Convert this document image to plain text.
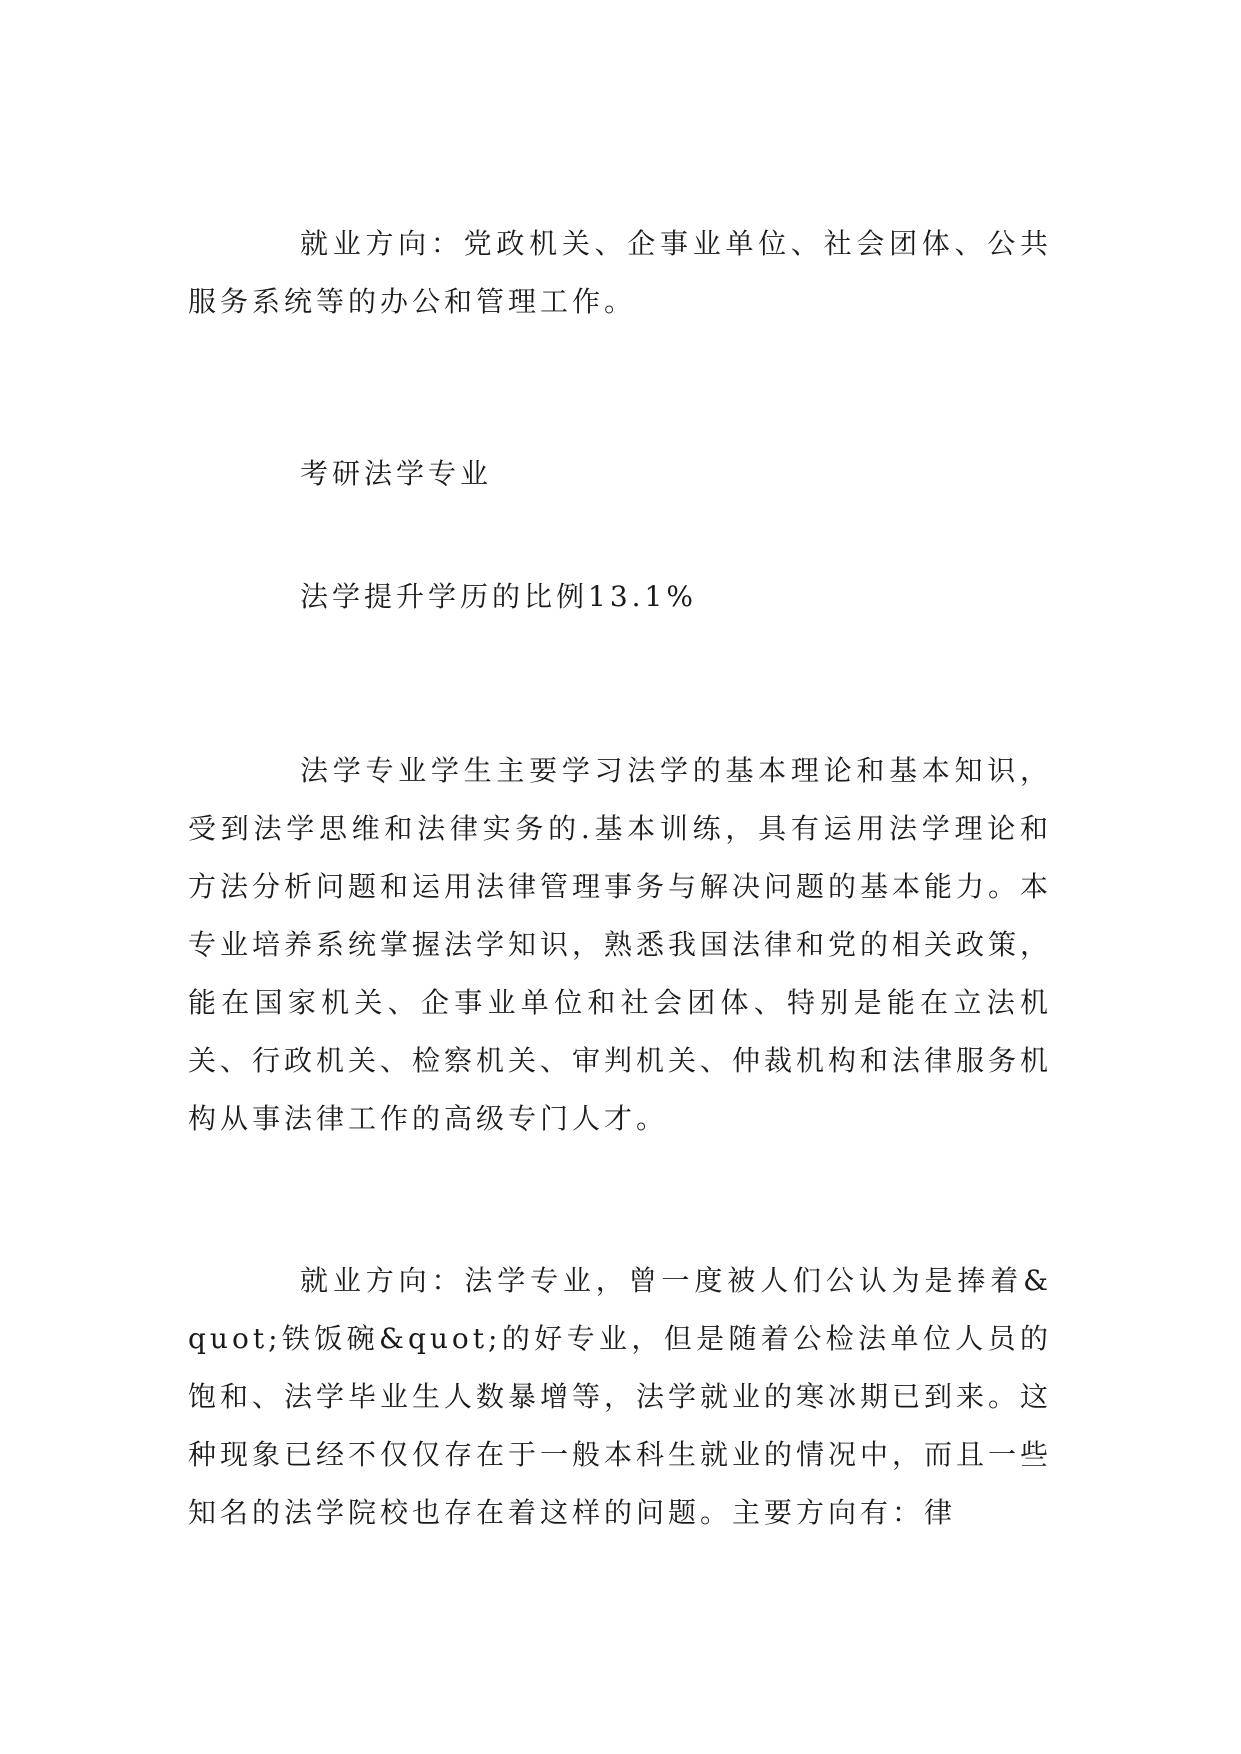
就业方向：党政机关、企事业单位、社会团体、公共服务系统等的办公和管理工作。

考研法学专业

法学提升学历的比例13.1%

法学专业学生主要学习法学的基本理论和基本知识，受到法学思维和法律实务的.基本训练，具有运用法学理论和方法分析问题和运用法律管理事务与解决问题的基本能力。本专业培养系统掌握法学知识，熟悉我国法律和党的相关政策，能在国家机关、企事业单位和社会团体、特别是能在立法机关、行政机关、检察机关、审判机关、仲裁机构和法律服务机构从事法律工作的高级专门人才。

就业方向：法学专业，曾一度被人们公认为是捧着&quot;铁饭碗&quot;的好专业，但是随着公检法单位人员的饱和、法学毕业生人数暴增等，法学就业的寒冰期已到来。这种现象已经不仅仅存在于一般本科生就业的情况中，而且一些知名的法学院校也存在着这样的问题。主要方向有：律
